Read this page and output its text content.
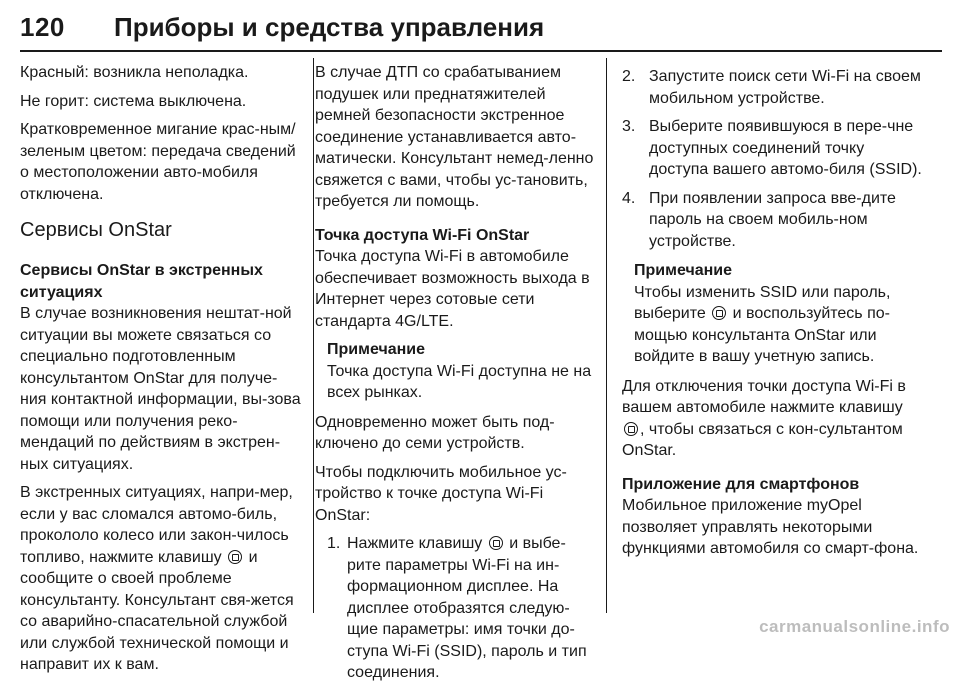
120 Приборы и средства управления

Красный: возникла неполадка.

Не горит: система выключена.

Кратковременное мигание крас-ным/зеленым цветом: передача сведений о местоположении авто-мобиля отключена.

Сервисы OnStar
Сервисы OnStar в экстренных ситуациях

В случае возникновения нештат-ной ситуации вы можете связаться со специально подготовленным консультантом OnStar для получе-ния контактной информации, вы-зова помощи или получения реко-мендаций по действиям в экстрен-ных ситуациях.

В экстренных ситуациях, напри-мер, если у вас сломался автомо-биль, прокололо колесо или закон-чилось топливо, нажмите клавишу и сообщите о своей проблеме консультанту. Консультант свя-жется со аварийно-спасательной службой или службой технической помощи и направит их к вам.

В случае ДТП со срабатыванием подушек или преднатяжителей ремней безопасности экстренное соединение устанавливается авто-матически. Консультант немед-ленно свяжется с вами, чтобы ус-тановить, требуется ли помощь.

Точка доступа Wi-Fi OnStar

Точка доступа Wi-Fi в автомобиле обеспечивает возможность выхода в Интернет через сотовые сети стандарта 4G/LTE.

Примечание
Точка доступа Wi-Fi доступна не на всех рынках.

Одновременно может быть под-ключено до семи устройств.

Чтобы подключить мобильное ус-тройство к точке доступа Wi-Fi OnStar:

1. Нажмите клавишу и выбе-рите параметры Wi-Fi на ин-формационном дисплее. На дисплее отобразятся следую-щие параметры: имя точки до-ступа Wi-Fi (SSID), пароль и тип соединения.
2. Запустите поиск сети Wi-Fi на своем мобильном устройстве.
3. Выберите появившуюся в пере-чне доступных соединений точку доступа вашего автомо-биля (SSID).
4. При появлении запроса вве-дите пароль на своем мобиль-ном устройстве.
Примечание
Чтобы изменить SSID или пароль, выберите и воспользуйтесь по-мощью консультанта OnStar или войдите в вашу учетную запись.

Для отключения точки доступа Wi-Fi в вашем автомобиле нажмите клавишу , чтобы связаться с кон-сультантом OnStar.

Приложение для смартфонов

Мобильное приложение myOpel позволяет управлять некоторыми функциями автомобиля со смарт-фона.

carmanualsonline.info
